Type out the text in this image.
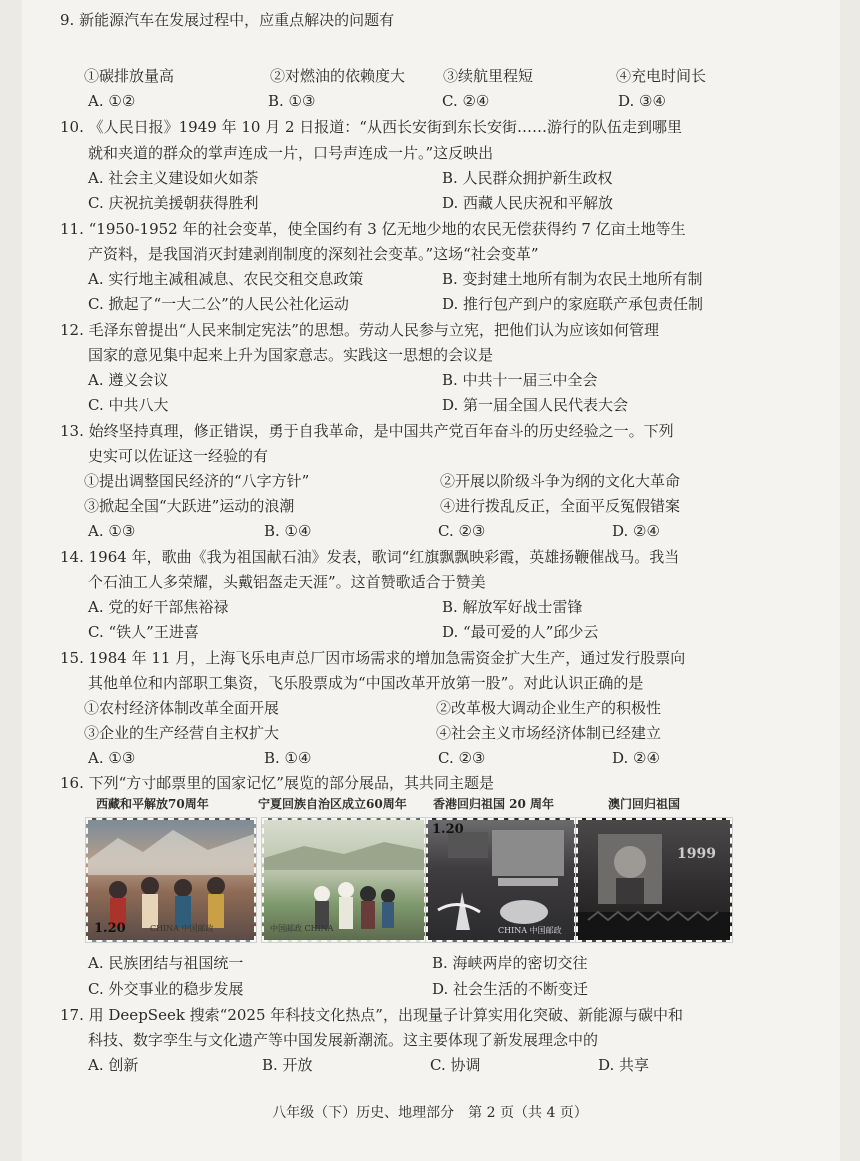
9. 新能源汽车在发展过程中，应重点解决的问题有
①碳排放量高	②对燃油的依赖度大	③续航里程短	④充电时间长
A. ①②	B. ①③	C. ②④	D. ③④
10. 《人民日报》1949 年 10 月 2 日报道：“从西长安街到东长安街……游行的队伍走到哪里
就和夹道的群众的掌声连成一片，口号声连成一片。”这反映出
A. 社会主义建设如火如荼	B. 人民群众拥护新生政权
C. 庆祝抗美援朝获得胜利	D. 西藏人民庆祝和平解放
11. “1950-1952 年的社会变革，使全国约有 3 亿无地少地的农民无偿获得约 7 亿亩土地等生
产资料，是我国消灭封建剥削制度的深刻社会变革。”这场“社会变革”
A. 实行地主减租减息、农民交租交息政策	B. 变封建土地所有制为农民土地所有制
C. 掀起了“一大二公”的人民公社化运动	D. 推行包产到户的家庭联产承包责任制
12. 毛泽东曾提出“人民来制定宪法”的思想。劳动人民参与立宪，把他们认为应该如何管理
国家的意见集中起来上升为国家意志。实践这一思想的会议是
A. 遵义会议	B. 中共十一届三中全会
C. 中共八大	D. 第一届全国人民代表大会
13. 始终坚持真理，修正错误，勇于自我革命，是中国共产党百年奋斗的历史经验之一。下列
史实可以佐证这一经验的有
①提出调整国民经济的“八字方针”	②开展以阶级斗争为纲的文化大革命
③掀起全国“大跃进”运动的浪潮	④进行拨乱反正，全面平反冤假错案
A. ①③	B. ①④	C. ②③	D. ②④
14. 1964 年，歌曲《我为祖国献石油》发表，歌词“红旗飘飘映彩霞，英雄扬鞭催战马。我当
个石油工人多荣耀，头戴铝盔走天涯”。这首赞歌适合于赞美
A. 党的好干部焦裕禄	B. 解放军好战士雷锋
C. “铁人”王进喜	D. “最可爱的人”邱少云
15. 1984 年 11 月，上海飞乐电声总厂因市场需求的增加急需资金扩大生产，通过发行股票向
其他单位和内部职工集资，飞乐股票成为“中国改革开放第一股”。对此认识正确的是
①农村经济体制改革全面开展	②改革极大调动企业生产的积极性
③企业的生产经营自主权扩大	④社会主义市场经济体制已经建立
A. ①③	B. ①④	C. ②③	D. ②④
16. 下列“方寸邮票里的国家记忆”展览的部分展品，其共同主题是
西藏和平解放70周年	宁夏回族自治区成立60周年 香港回归祖国 20 周年	澳门回归祖国
1.20	CHINA 中国邮政	中国邮政 CHINA
1.20
CHINA 中国邮政
1999
A. 民族团结与祖国统一	B. 海峡两岸的密切交往
C. 外交事业的稳步发展	D. 社会生活的不断变迁
17. 用 DeepSeek 搜索“2025 年科技文化热点”，出现量子计算实用化突破、新能源与碳中和
科技、数字孪生与文化遗产等中国发展新潮流。这主要体现了新发展理念中的
A. 创新	B. 开放	C. 协调	D. 共享
八年级（下）历史、地理部分　第 2 页（共 4 页）
